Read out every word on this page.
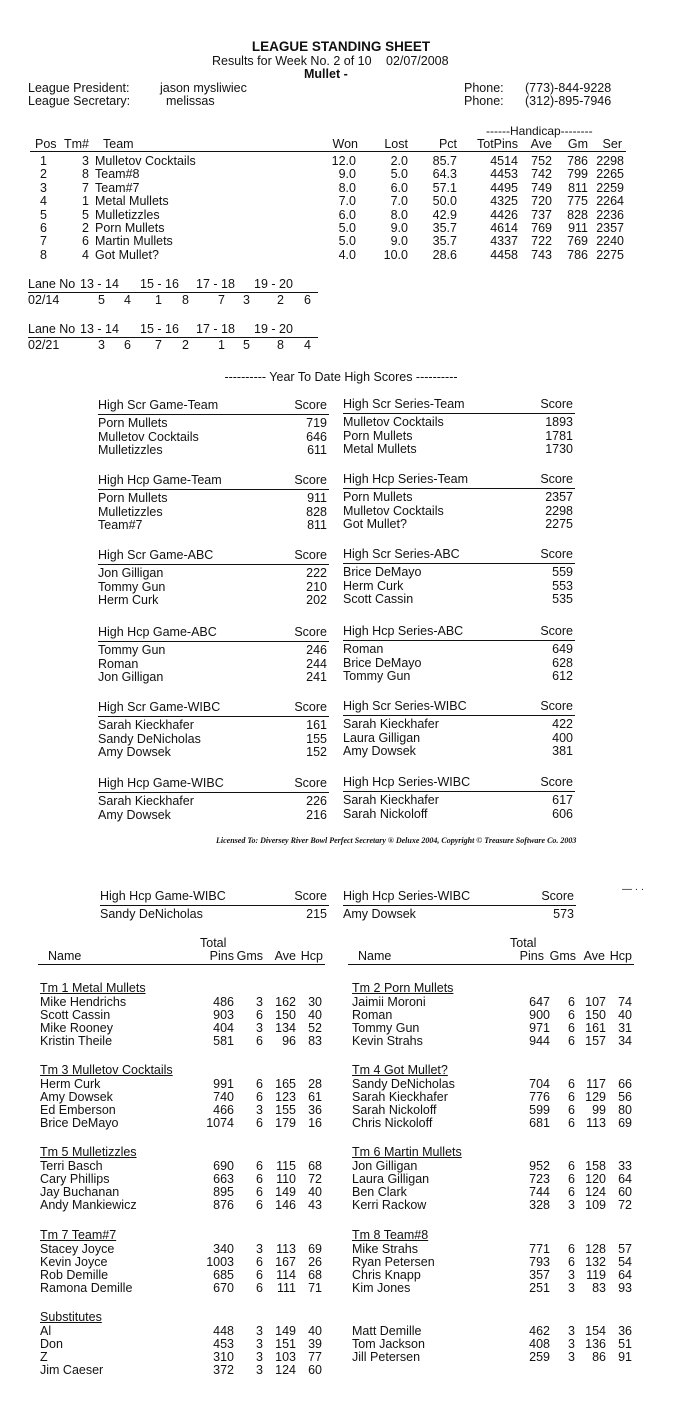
LEAGUE STANDING SHEET
Results for Week No. 2 of 10 02/07/2008
Mullet -
League President: jason mysliwiec
League Secretary:	melissas
Phone: (773)-844-9228
Phone: (312)-895-7946
------Handicap--------
Pos Tm# Team	Won	Lost	Pct	TotPins	Ave	Gm	Ser
1	3 Mulletov Cocktails	12.0	2.0	85.7	4514	752	786 2298
2	8 Team#8	9.0	5.0	64.3	4453	742	799 2265
3	7 Team#7	8.0	6.0	57.1	4495	749	811 2259
4	1 Metal Mullets	7.0	7.0	50.0	4325	720	775 2264
5	5 Mulletizzles	6.0	8.0	42.9	4426	737	828 2236
6	2 Porn Mullets	5.0	9.0	35.7	4614	769	911 2357
7	6 Martin Mullets	5.0	9.0	35.7	4337	722	769 2240
8	4 Got Mullet?	4.0	10.0	28.6	4458	743	786 2275
Lane No 13 - 14 15 - 16 17 - 18 19 - 20
02/14	5 4 1 8 7 3 2 6
Lane No 13 - 14 15 - 16 17 - 18 19 - 20
02/21	3 6 7 2 1 5 8 4
---------- Year To Date High Scores ----------
High Scr Game-Team	Score
Porn Mullets	719
Mulletov Cocktails	646
Mulletizzles	611
High Scr Series-Team	Score
Mulletov Cocktails	1893
Porn Mullets	1781
Metal Mullets	1730
High Hcp Game-Team	Score
Porn Mullets	911
Mulletizzles	828
Team#7	811
High Hcp Series-Team	Score
Porn Mullets	2357
Mulletov Cocktails	2298
Got Mullet?	2275
High Scr Game-ABC	Score
Jon Gilligan	222
Tommy Gun	210
Herm Curk	202
High Scr Series-ABC	Score
Brice DeMayo	559
Herm Curk	553
Scott Cassin	535
High Hcp Game-ABC	Score
Tommy Gun	246
Roman	244
Jon Gilligan	241
High Hcp Series-ABC	Score
Roman	649
Brice DeMayo	628
Tommy Gun	612
High Scr Game-WIBC	Score
Sarah Kieckhafer	161
Sandy DeNicholas	155
Amy Dowsek	152
High Scr Series-WIBC	Score
Sarah Kieckhafer	422
Laura Gilligan	400
Amy Dowsek	381
High Hcp Game-WIBC	Score
Sarah Kieckhafer	226
Amy Dowsek	216
High Hcp Series-WIBC	Score
Sarah Kieckhafer	617
Sarah Nickoloff	606
Licensed To: Diversey River Bowl Perfect Secretary ® Deluxe 2004, Copyright © Treasure Software Co. 2003
— · ·
High Hcp Game-WIBC	Score
Sandy DeNicholas	215
High Hcp Series-WIBC	Score
Amy Dowsek	573
Total
Name	Pins Gms Ave Hcp
Total
Name	Pins Gms Ave Hcp
Tm 1 Metal Mullets
Mike Hendrichs	486	3 162 30
Scott Cassin	903	6 150 40
Mike Rooney	404	3 134 52
Kristin Theile	581	6	96 83
Tm 3 Mulletov Cocktails
Herm Curk	991	6 165 28
Amy Dowsek	740	6 123 61
Ed Emberson	466	3 155 36
Brice DeMayo	1074	6 179 16
Tm 5 Mulletizzles
Terri Basch	690	6	115 68
Cary Phillips	663	6	110 72
Jay Buchanan	895	6 149 40
Andy Mankiewicz	876	6 146 43
Tm 7 Team#7
Stacey Joyce	340	3	113 69
Kevin Joyce	1003	6 167 26
Rob Demille	685	6	114 68
Ramona Demille	670	6	111 71
Substitutes
Al	448	3 149 40
Don	453	3 151 39
Z	310	3 103 77
Jim Caeser	372	3 124 60
Tm 2 Porn Mullets
Jaimii Moroni	647	6 107 74
Roman	900	6 150 40
Tommy Gun	971	6 161 31
Kevin Strahs	944	6 157 34
Tm 4 Got Mullet?
Sandy DeNicholas	704	6 117 66
Sarah Kieckhafer	776	6 129 56
Sarah Nickoloff	599	6	99 80
Chris Nickoloff	681	6 113 69
Tm 6 Martin Mullets
Jon Gilligan	952	6 158 33
Laura Gilligan	723	6 120 64
Ben Clark	744	6 124 60
Kerri Rackow	328	3 109 72
Tm 8 Team#8
Mike Strahs	771	6 128 57
Ryan Petersen	793	6 132 54
Chris Knapp	357	3 119 64
Kim Jones	251	3	83 93
Matt Demille	462	3 154 36
Tom Jackson	408	3 136 51
Jill Petersen	259	3	86 91
